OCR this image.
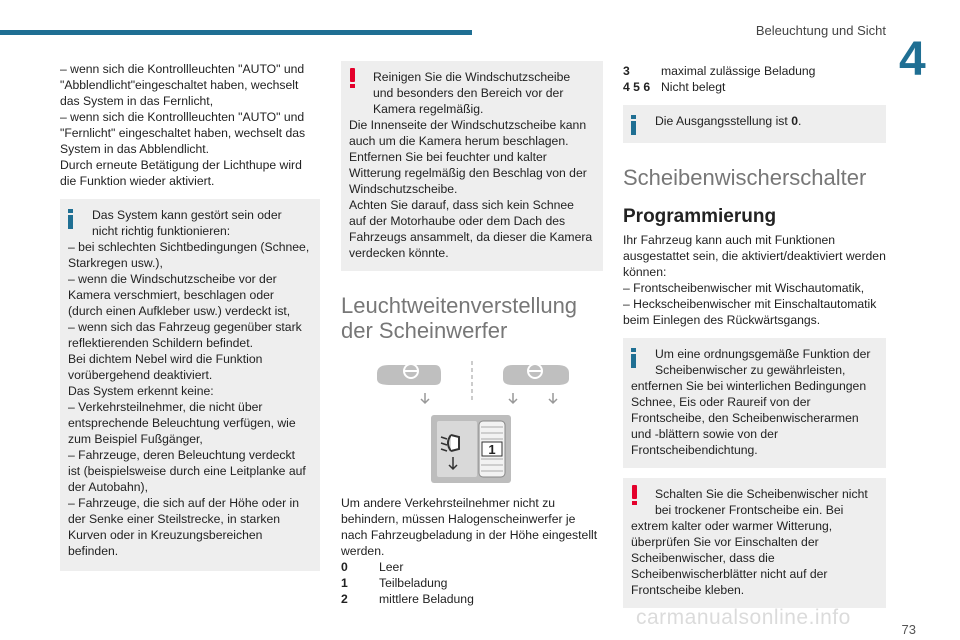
Beleuchtung und Sicht
4

– wenn sich die Kontrollleuchten "AUTO" und "Abblendlicht"eingeschaltet haben, wechselt das System in das Fernlicht,
– wenn sich die Kontrollleuchten "AUTO" und "Fernlicht" eingeschaltet haben, wechselt das System in das Abblendlicht.
Durch erneute Betätigung der Lichthupe wird die Funktion wieder aktiviert.

Das System kann gestört sein oder nicht richtig funktionieren:

– bei schlechten Sichtbedingungen (Schnee, Starkregen usw.),
– wenn die Windschutzscheibe vor der Kamera verschmiert, beschlagen oder (durch einen Aufkleber usw.) verdeckt ist,
– wenn sich das Fahrzeug gegenüber stark reflektierenden Schildern befindet.
Bei dichtem Nebel wird die Funktion vorübergehend deaktiviert.
Das System erkennt keine:
– Verkehrsteilnehmer, die nicht über entsprechende Beleuchtung verfügen, wie zum Beispiel Fußgänger,
– Fahrzeuge, deren Beleuchtung verdeckt ist (beispielsweise durch eine Leitplanke auf der Autobahn),
– Fahrzeuge, die sich auf der Höhe oder in der Senke einer Steilstrecke, in starken Kurven oder in Kreuzungsbereichen befinden.

Reinigen Sie die Windschutzscheibe und besonders den Bereich vor der Kamera regelmäßig.

Die Innenseite der Windschutzscheibe kann auch um die Kamera herum beschlagen.
Entfernen Sie bei feuchter und kalter Witterung regelmäßig den Beschlag von der Windschutzscheibe.
Achten Sie darauf, dass sich kein Schnee auf der Motorhaube oder dem Dach des Fahrzeugs ansammelt, da dieser die Kamera verdecken könnte.

Leuchtweitenverstellung der Scheinwerfer
1

Um andere Verkehrsteilnehmer nicht zu behindern, müssen Halogenscheinwerfer je nach Fahrzeugbeladung in der Höhe eingestellt werden.

0	Leer
1	Teilbeladung
2	mittlere Beladung
3	maximal zulässige Beladung
4 5 6 Nicht belegt

Die Ausgangsstellung ist 0.

Scheibenwischerschalter
Programmierung

Ihr Fahrzeug kann auch mit Funktionen ausgestattet sein, die aktiviert/deaktiviert werden können:
– Frontscheibenwischer mit Wischautomatik,
– Heckscheibenwischer mit Einschaltautomatik beim Einlegen des Rückwärtsgangs.

Um eine ordnungsgemäße Funktion der Scheibenwischer zu gewährleisten,

entfernen Sie bei winterlichen Bedingungen Schnee, Eis oder Raureif von der Frontscheibe, den Scheibenwischerarmen und -blättern sowie von der Frontscheibendichtung.

Schalten Sie die Scheibenwischer nicht bei trockener Frontscheibe ein. Bei

extrem kalter oder warmer Witterung, überprüfen Sie vor Einschalten der Scheibenwischer, dass die Scheibenwischerblätter nicht auf der Frontscheibe kleben.

73
carmanualsonline.info
